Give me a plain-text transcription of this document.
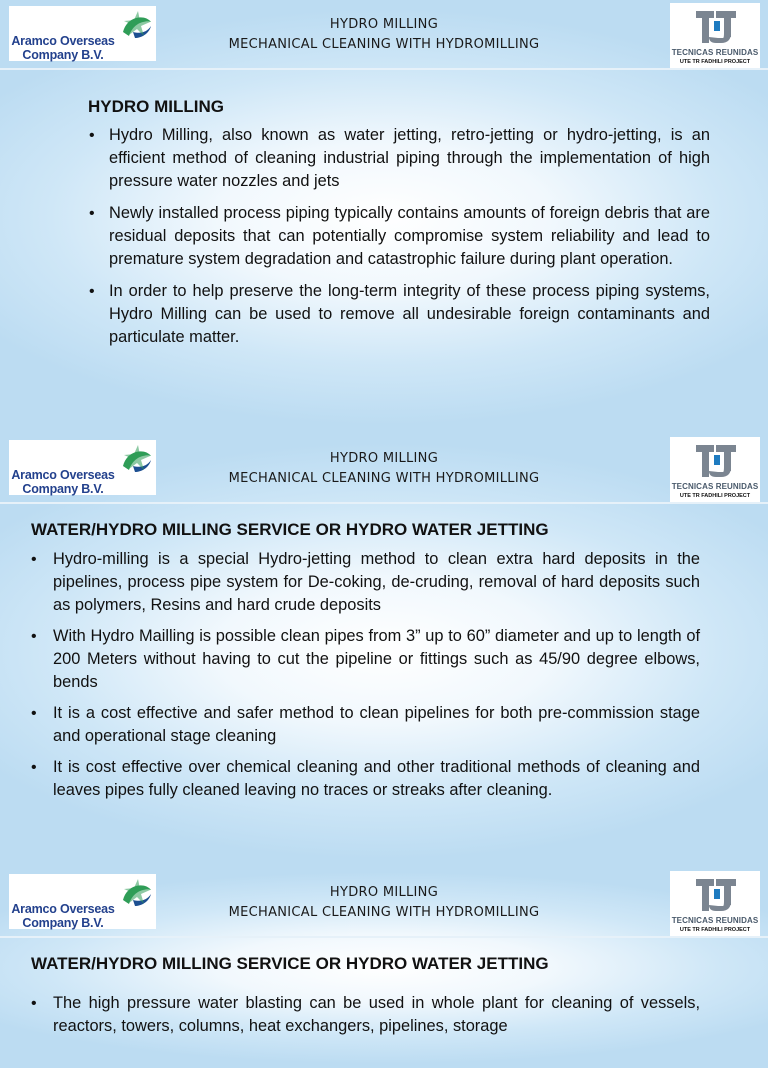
Aramco Overseas
Company B.V.
HYDRO MILLING
MECHANICAL CLEANING WITH HYDROMILLING
TECNICAS REUNIDAS
UTE TR FADHILI PROJECT
HYDRO MILLING
• Hydro Milling, also known as water jetting, retro-jetting or hydro-jetting, is an efficient method of cleaning industrial piping through the implementation of high pressure water nozzles and jets
• Newly installed process piping typically contains amounts of foreign debris that are residual deposits that can potentially compromise system reliability and lead to premature system degradation and catastrophic failure during plant operation.
• In order to help preserve the long-term integrity of these process piping systems, Hydro Milling can be used to remove all undesirable foreign contaminants and particulate matter.
Aramco Overseas
Company B.V.
HYDRO MILLING
MECHANICAL CLEANING WITH HYDROMILLING
TECNICAS REUNIDAS
UTE TR FADHILI PROJECT
WATER/HYDRO MILLING SERVICE OR HYDRO WATER JETTING
• Hydro-milling is a special Hydro-jetting method to clean extra hard deposits in the pipelines, process pipe system for De-coking, de-cruding, removal of hard deposits such as polymers, Resins and hard crude deposits
• With Hydro Mailling is possible clean pipes from 3” up to 60” diameter and up to length of 200 Meters without having to cut the pipeline or fittings such as 45/90 degree elbows, bends
• It is a cost effective and safer method to clean pipelines for both pre-commission stage and operational stage cleaning
• It is cost effective over chemical cleaning and other traditional methods of cleaning and leaves pipes fully cleaned leaving no traces or streaks after cleaning.
Aramco Overseas
Company B.V.
HYDRO MILLING
MECHANICAL CLEANING WITH HYDROMILLING
TECNICAS REUNIDAS
UTE TR FADHILI PROJECT
WATER/HYDRO MILLING SERVICE OR HYDRO WATER JETTING
• The high pressure water blasting can be used in whole plant for cleaning of vessels, reactors, towers, columns, heat exchangers, pipelines, storage
